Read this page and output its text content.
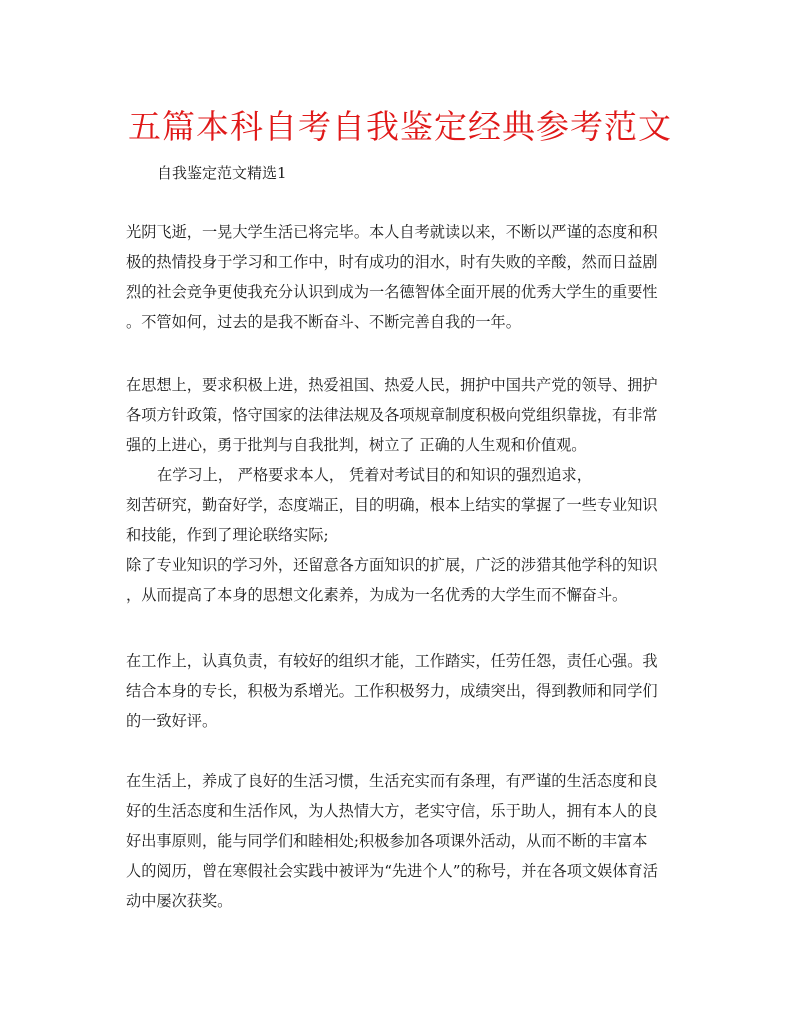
五篇本科自考自我鉴定经典参考范文

自我鉴定范文精选1

光阴飞逝，一晃大学生活已将完毕。本人自考就读以来，不断以严谨的态度和积
极的热情投身于学习和工作中，时有成功的泪水，时有失败的辛酸，然而日益剧
烈的社会竞争更使我充分认识到成为一名德智体全面开展的优秀大学生的重要性
。不管如何，过去的是我不断奋斗、不断完善自我的一年。
在思想上，要求积极上进，热爱祖国、热爱人民，拥护中国共产党的领导、拥护
各项方针政策，恪守国家的法律法规及各项规章制度积极向党组织靠拢，有非常
强的上进心，勇于批判与自我批判，树立了 正确的人生观和价值观。
在学习上， 严格要求本人， 凭着对考试目的和知识的强烈追求，
刻苦研究，勤奋好学，态度端正，目的明确，根本上结实的掌握了一些专业知识
和技能，作到了理论联络实际;
除了专业知识的学习外，还留意各方面知识的扩展，广泛的涉猎其他学科的知识
，从而提高了本身的思想文化素养，为成为一名优秀的大学生而不懈奋斗。
在工作上，认真负责，有较好的组织才能，工作踏实，任劳任怨，责任心强。我
结合本身的专长，积极为系增光。工作积极努力，成绩突出，得到教师和同学们
的一致好评。
在生活上，养成了良好的生活习惯，生活充实而有条理，有严谨的生活态度和良
好的生活态度和生活作风，为人热情大方，老实守信，乐于助人，拥有本人的良
好出事原则，能与同学们和睦相处;积极参加各项课外活动，从而不断的丰富本
人的阅历，曾在寒假社会实践中被评为“先进个人”的称号，并在各项文娱体育活
动中屡次获奖。
